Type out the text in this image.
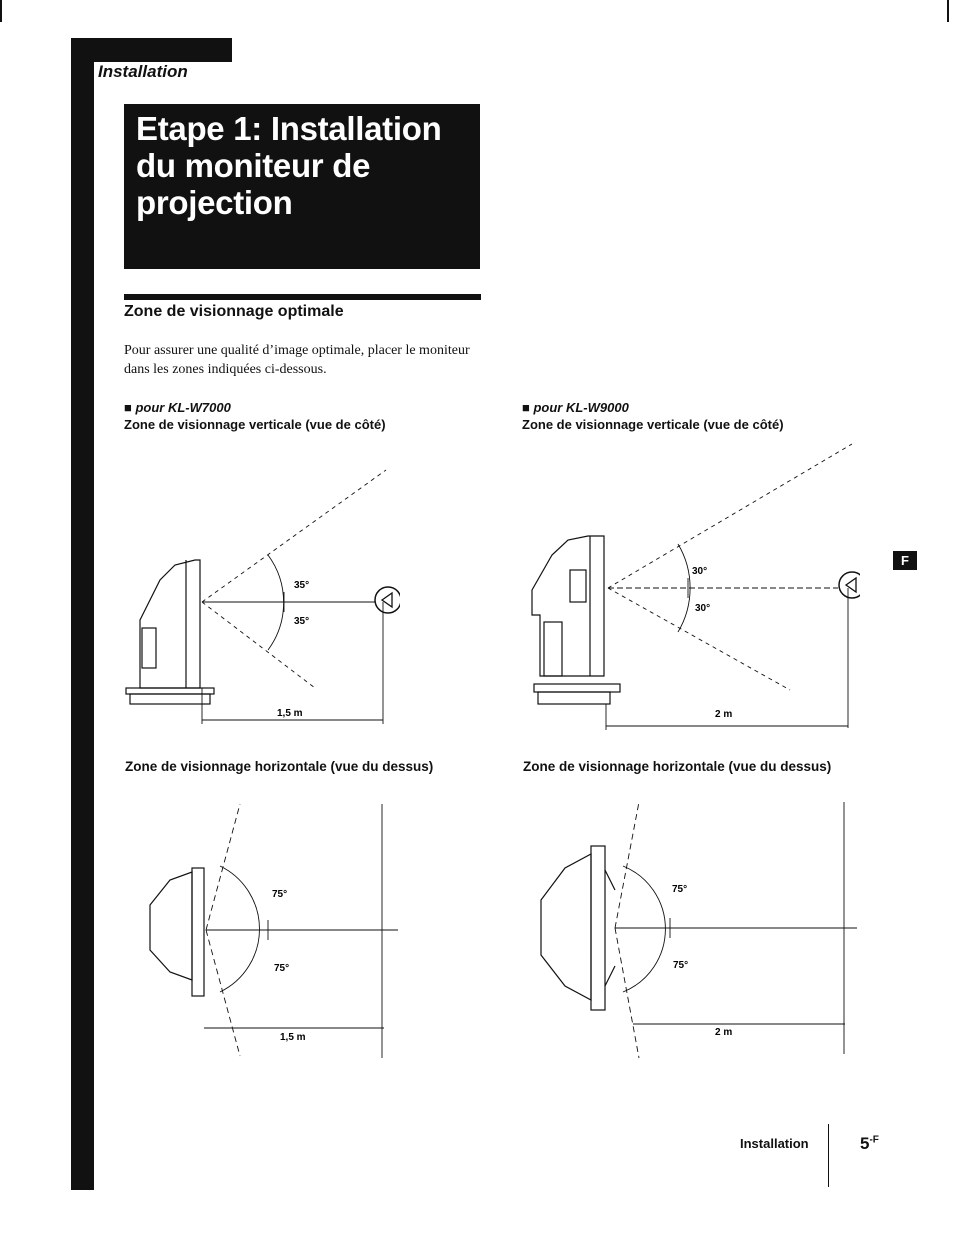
Installation
Etape 1: Installation du moniteur de projection
Zone de visionnage optimale
Pour assurer une qualité d’image optimale, placer le moniteur dans les zones indiquées ci-dessous.
■ pour KL-W7000
Zone de visionnage verticale (vue de côté)
Zone de visionnage horizontale (vue du dessus)
■ pour KL-W9000
Zone de visionnage verticale (vue de côté)
Zone de visionnage horizontale (vue du dessus)
35°
35°
1,5 m
30°
30°
2 m
75°
75°
1,5 m
75°
75°
2 m
F
Installation	$5^{-F}$
